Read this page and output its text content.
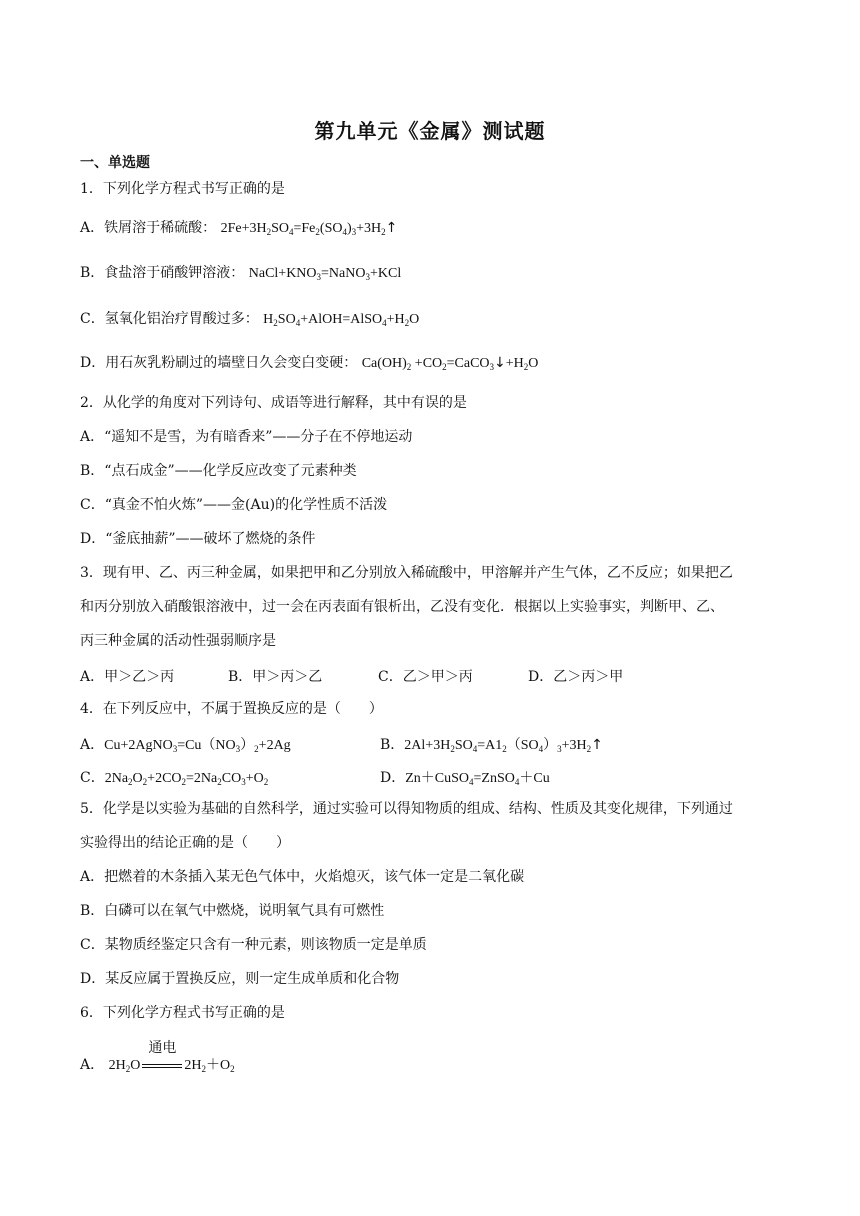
第九单元《金属》测试题
一、单选题
1．下列化学方程式书写正确的是
A．铁屑溶于稀硫酸： $2Fe+3H_2SO_4=Fe_2(SO_4)_3+3H_2↑$
B．食盐溶于硝酸钾溶液： $NaCl+KNO_3=NaNO_3+KCl$
C．氢氧化铝治疗胃酸过多： $H_2SO_4+AlOH=AlSO_4+H_2O$
D．用石灰乳粉刷过的墙壁日久会变白变硬： $Ca(OH)_2$ $+CO_2=CaCO_3↓+H_2O$
2．从化学的角度对下列诗句、成语等进行解释，其中有误的是
A．“遥知不是雪，为有暗香来”——分子在不停地运动
B．“点石成金”——化学反应改变了元素种类
C．“真金不怕火炼”——金(Au)的化学性质不活泼
D．“釜底抽薪”——破坏了燃烧的条件
3．现有甲、乙、丙三种金属，如果把甲和乙分别放入稀硫酸中，甲溶解并产生气体，乙不反应；如果把乙
和丙分别放入硝酸银溶液中，过一会在丙表面有银析出，乙没有变化．根据以上实验事实，判断甲、乙、
丙三种金属的活动性强弱顺序是
A．甲＞乙＞丙	B．甲＞丙＞乙	C．乙＞甲＞丙	D．乙＞丙＞甲
4．在下列反应中，不属于置换反应的是（　　）
A．$Cu+2AgNO_3=Cu(NO_3)_2+2Ag$	B．$2Al+3H_2SO_4=A1_2(SO_4)_3+3H_2↑$
C．$2Na_2O_2+2CO_2=2Na_2CO_3+O_2$	D．Zn＋CuSO$_4$=ZnSO$_4$＋Cu
5．化学是以实验为基础的自然科学，通过实验可以得知物质的组成、结构、性质及其变化规律，下列通过
实验得出的结论正确的是（　　）
A．把燃着的木条插入某无色气体中，火焰熄灭，该气体一定是二氧化碳
B．白磷可以在氧气中燃烧，说明氧气具有可燃性
C．某物质经鉴定只含有一种元素，则该物质一定是单质
D．某反应属于置换反应，则一定生成单质和化合物
6．下列化学方程式书写正确的是
A． $2H_2O$
通电
$2H_2+O_2$
